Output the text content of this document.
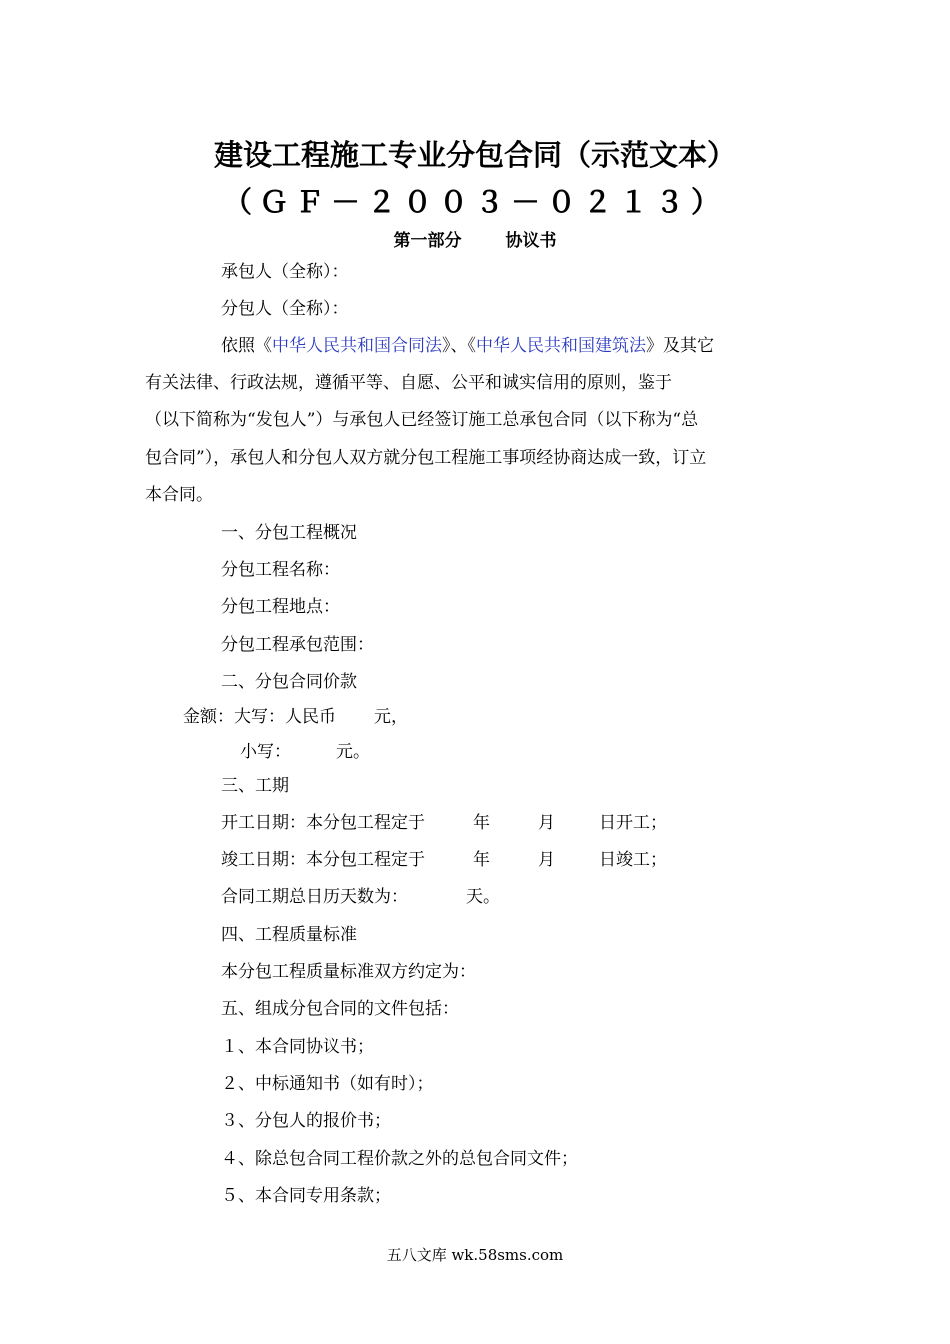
建设工程施工专业分包合同（示范文本）
（ＧＦ－２００３－０２１３）
第一部分	协议书
承包人（全称）：
分包人（全称）：
依照《中华人民共和国合同法》、《中华人民共和国建筑法》及其它
有关法律、行政法规，遵循平等、自愿、公平和诚实信用的原则，鉴于
（以下简称为“发包人”）与承包人已经签订施工总承包合同（以下称为“总
包合同”），承包人和分包人双方就分包工程施工事项经协商达成一致，订立
本合同。
一、分包工程概况
分包工程名称：
分包工程地点：
分包工程承包范围：
二、分包合同价款
金额：大写：人民币 元，
小写：	元。
三、工期
开工日期：本分包工程定于	年	月	日开工；
竣工日期：本分包工程定于	年	月	日竣工；
合同工期总日历天数为：	天。
四、工程质量标准
本分包工程质量标准双方约定为：
五、组成分包合同的文件包括：
１、本合同协议书；
２、中标通知书（如有时）；
３、分包人的报价书；
４、除总包合同工程价款之外的总包合同文件；
５、本合同专用条款；
五八文库 wk.58sms.com
